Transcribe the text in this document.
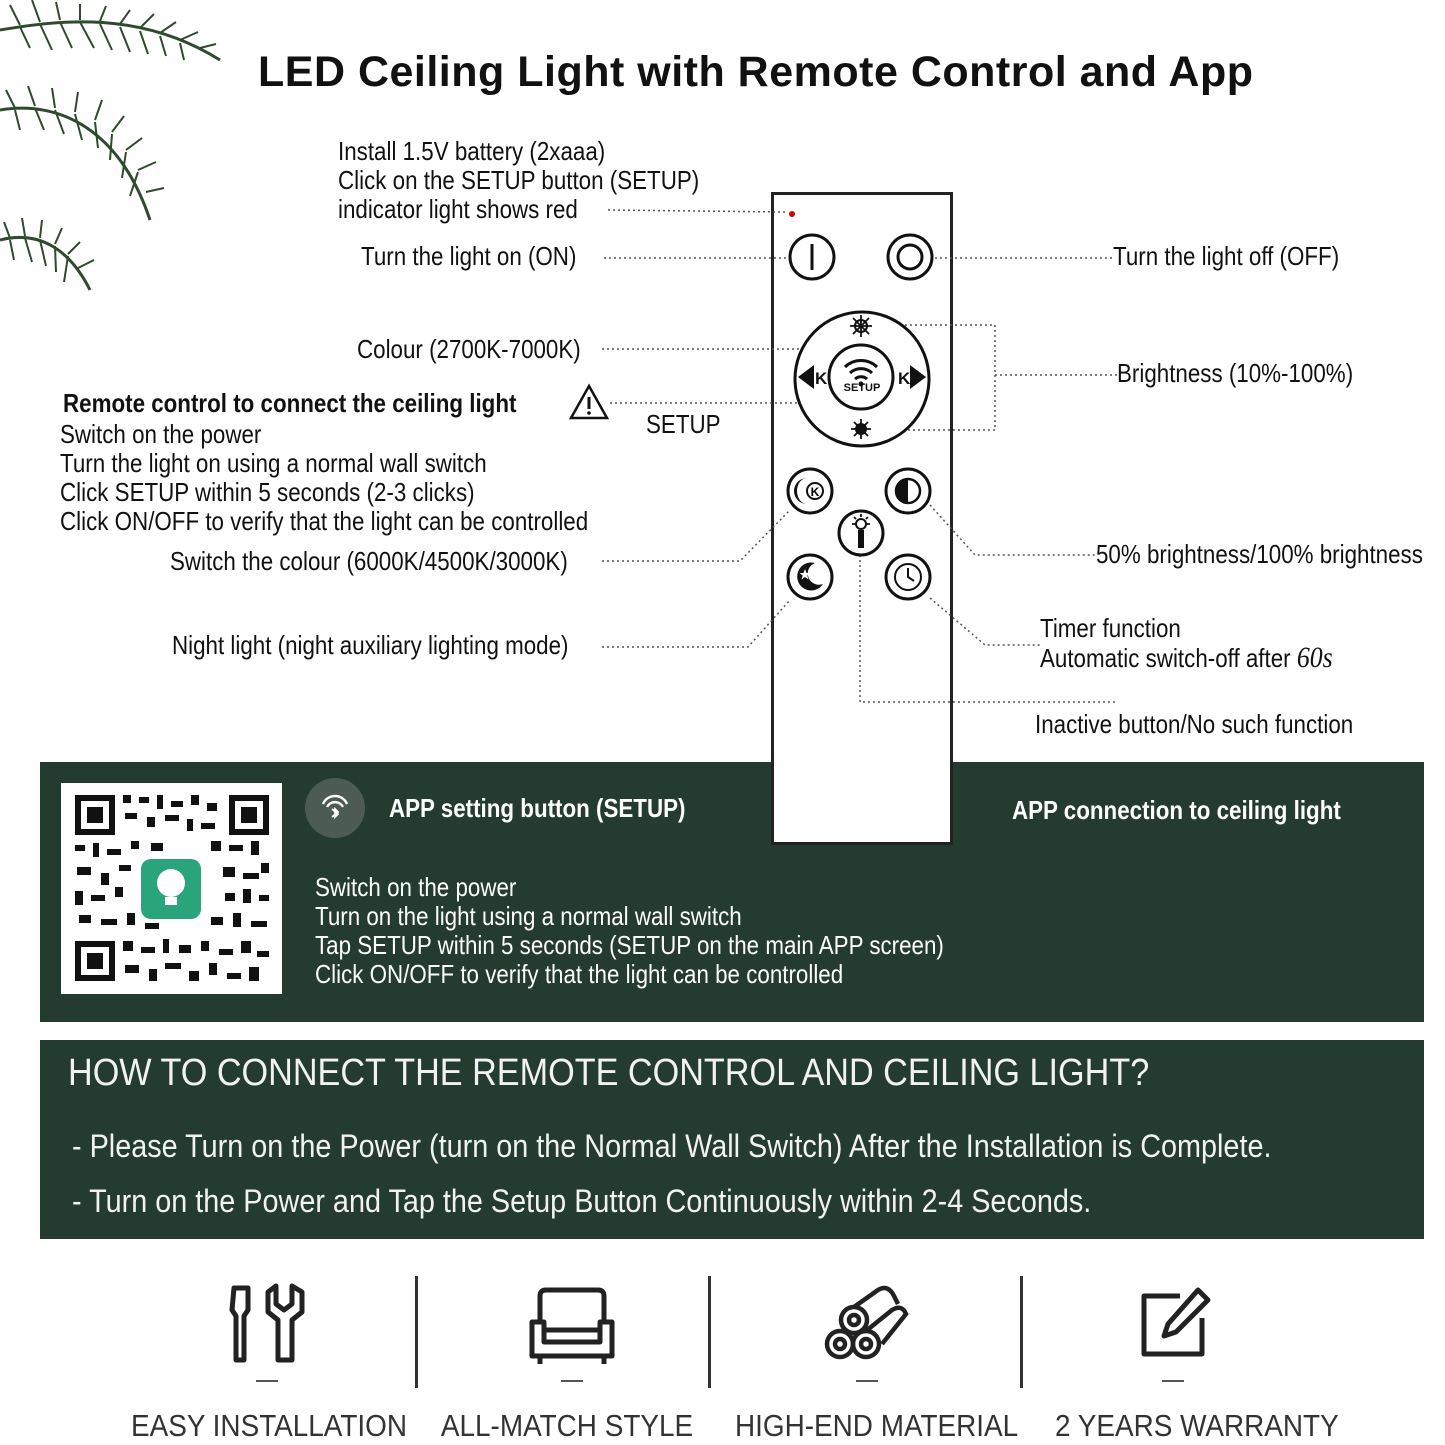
LED Ceiling Light with Remote Control and App
Install 1.5V battery (2xaaa)
Click on the SETUP button (SETUP)
indicator light shows red
Turn the light on (ON)	Turn the light off (OFF)
Colour (2700K-7000K)
Brightness (10%-100%)
Remote control to connect the ceiling light
SETUP
Switch on the power
Turn the light on using a normal wall switch
Click SETUP within 5 seconds (2-3 clicks)
Click ON/OFF to verify that the light can be controlled
Switch the colour (6000K/4500K/3000K)	50% brightness/100% brightness
Timer function
Automatic switch-off after 60s
Night light (night auxiliary lighting mode)
Inactive button/No such function
K	K
SETUP
K
APP setting button (SETUP)	APP connection to ceiling light
Switch on the power
Turn on the light using a normal wall switch
Tap SETUP within 5 seconds (SETUP on the main APP screen)
Click ON/OFF to verify that the light can be controlled
HOW TO CONNECT THE REMOTE CONTROL AND CEILING LIGHT?
- Please Turn on the Power (turn on the Normal Wall Switch) After the Installation is Complete.
- Turn on the Power and Tap the Setup Button Continuously within 2-4 Seconds.
EASY INSTALLATION ALL-MATCH STYLE HIGH-END MATERIAL 2 YEARS WARRANTY
